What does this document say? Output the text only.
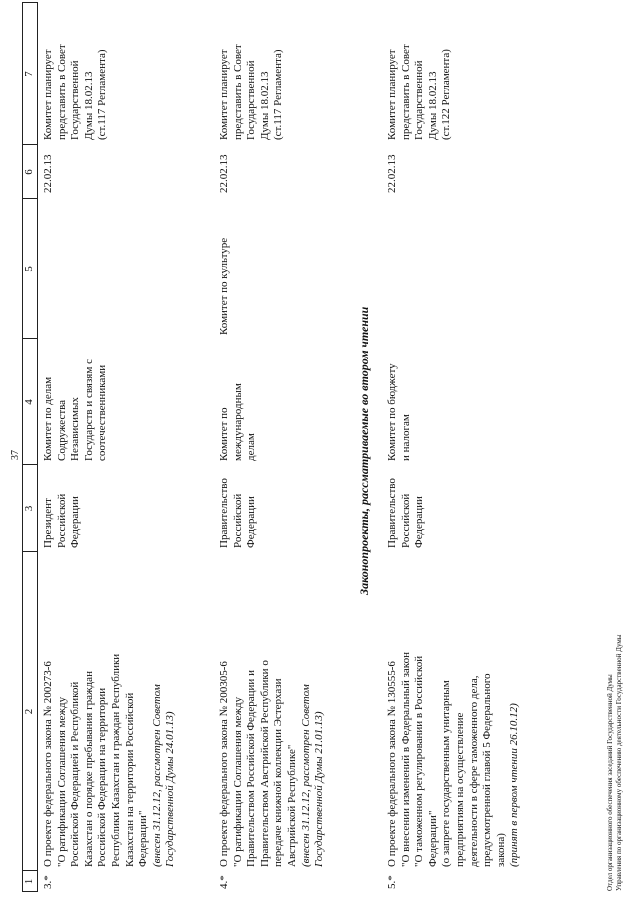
37
1
2
3
4
5
6
7
3.*
О проекте федерального закона № 200273-6 "О ратификации Соглашения между Российской Федерацией и Республикой Казахстан о порядке пребывания граждан Российской Федерации на территории Республики Казахстан и граждан Республики Казахстан на территории Российской Федерации" (внесен 31.12.12, рассмотрен Советом Государственной Думы 24.01.13)
Президент Российской Федерации
Комитет по делам Содружества Независимых Государств и связям с соотечественниками
22.02.13
Комитет планирует представить в Совет Государственной Думы 18.02.13 (ст.117 Регламента)
4.*
О проекте федерального закона № 200305-6 "О ратификации Соглашения между Правительством Российской Федерации и Правительством Австрийской Республики о передаче книжной коллекции Эстерхази Австрийской Республике" (внесен 31.12.12, рассмотрен Советом Государственной Думы 21.01.13)
Правительство Российской Федерации
Комитет по международным делам
Комитет по культуре
22.02.13
Комитет планирует представить в Совет Государственной Думы 18.02.13 (ст.117 Регламента)
Законопроекты, рассматриваемые во втором чтении
5.*
О проекте федерального закона № 130555-6 "О внесении изменений в Федеральный закон "О таможенном регулировании в Российской Федерации" (о запрете государственным унитарным предприятиям на осуществление деятельности в сфере таможенного дела, предусмотренной главой 5 Федерального закона) (принят в первом чтении 26.10.12)
Правительство Российской Федерации
Комитет по бюджету и налогам
22.02.13
Комитет планирует представить в Совет Государственной Думы 18.02.13 (ст.122 Регламента)
Отдел организационного обеспечения заседаний Государственной Думы Управления по организационному обеспечению деятельности Государственной Думы
